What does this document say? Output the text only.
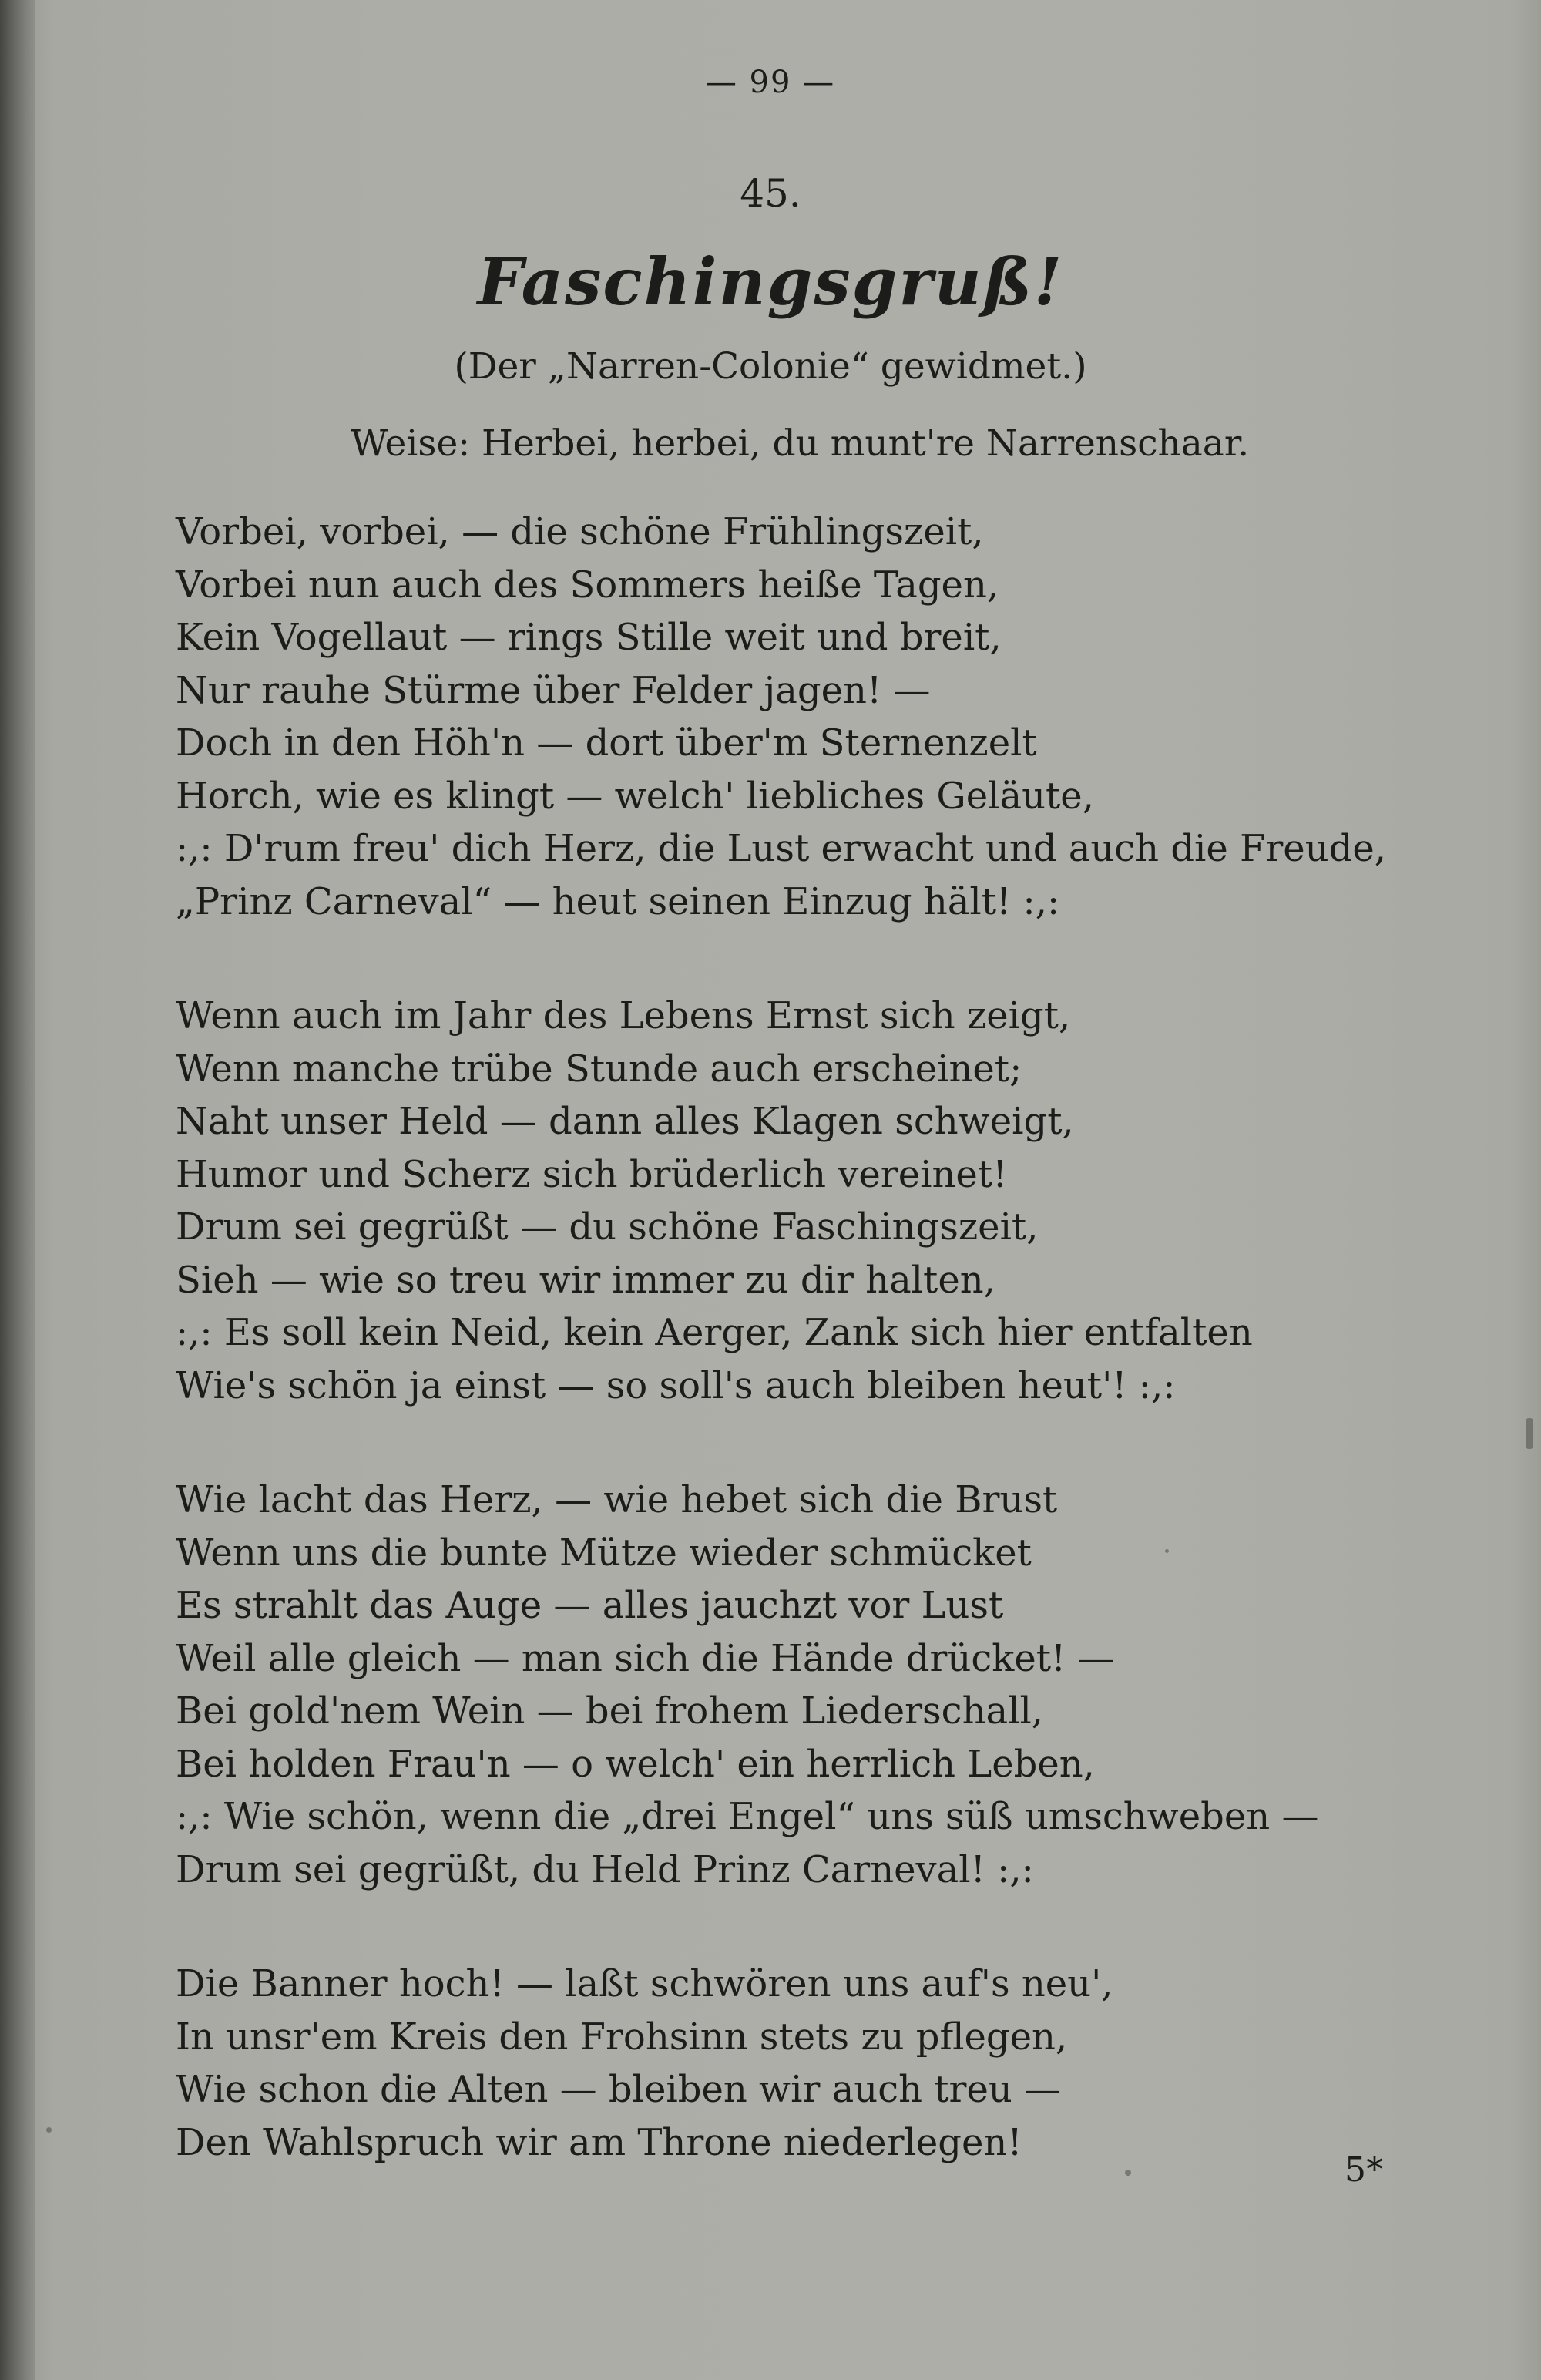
— 99 —
45.
Faschingsgruß!
(Der „Narren-Colonie“ gewidmet.)
Weise: Herbei, herbei, du munt're Narrenschaar.
Vorbei, vorbei, — die schöne Frühlingszeit,
Vorbei nun auch des Sommers heiße Tagen,
Kein Vogellaut — rings Stille weit und breit,
Nur rauhe Stürme über Felder jagen! —
Doch in den Höh'n — dort über'm Sternenzelt
Horch, wie es klingt — welch' liebliches Geläute,
:,: D'rum freu' dich Herz, die Lust erwacht und auch die Freude,
„Prinz Carneval“ — heut seinen Einzug hält! :,:
Wenn auch im Jahr des Lebens Ernst sich zeigt,
Wenn manche trübe Stunde auch erscheinet;
Naht unser Held — dann alles Klagen schweigt,
Humor und Scherz sich brüderlich vereinet!
Drum sei gegrüßt — du schöne Faschingszeit,
Sieh — wie so treu wir immer zu dir halten,
:,: Es soll kein Neid, kein Aerger, Zank sich hier entfalten
Wie's schön ja einst — so soll's auch bleiben heut'! :,:
Wie lacht das Herz, — wie hebet sich die Brust
Wenn uns die bunte Mütze wieder schmücket
Es strahlt das Auge — alles jauchzt vor Lust
Weil alle gleich — man sich die Hände drücket! —
Bei gold'nem Wein — bei frohem Liederschall,
Bei holden Frau'n — o welch' ein herrlich Leben,
:,: Wie schön, wenn die „drei Engel“ uns süß umschweben —
Drum sei gegrüßt, du Held Prinz Carneval! :,:
Die Banner hoch! — laßt schwören uns auf's neu',
In unsr'em Kreis den Frohsinn stets zu pflegen,
Wie schon die Alten — bleiben wir auch treu —
Den Wahlspruch wir am Throne niederlegen!
5*
